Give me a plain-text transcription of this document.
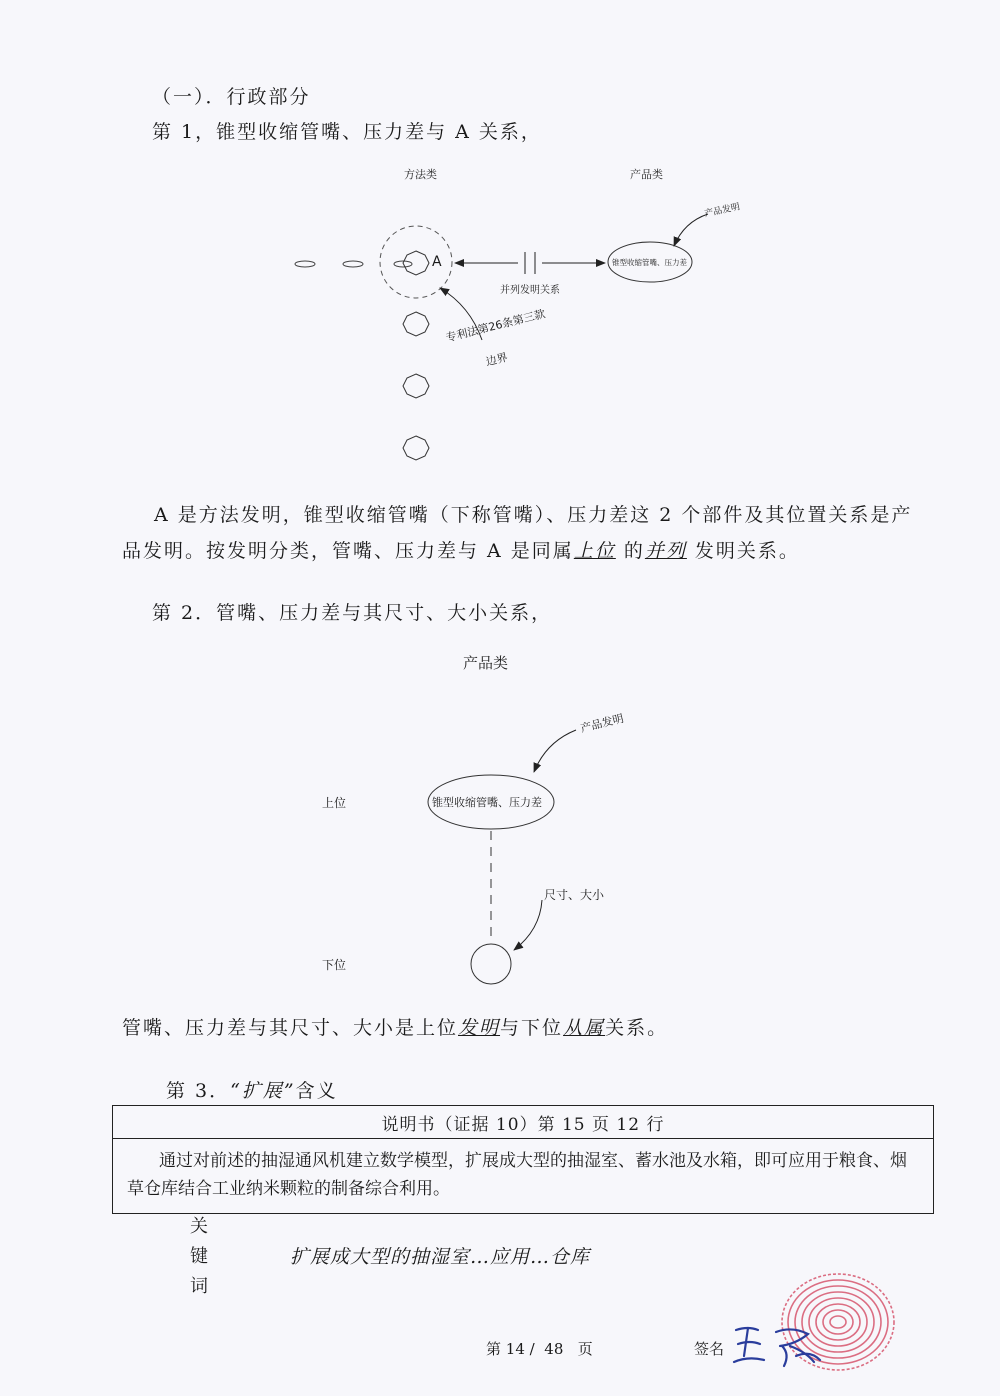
（一）．行政部分
第 1，锥型收缩管嘴、压力差与 A 关系，
方法类	产品类
产品发明
A	锥型收缩管嘴、压力差
并列发明关系
专利法第26条第三款
边界
A 是方法发明，锥型收缩管嘴（下称管嘴）、压力差这 2 个部件及其位置关系是产品发明。按发明分类，管嘴、压力差与 A 是同属上位 的并列 发明关系。
第 2．管嘴、压力差与其尺寸、大小关系，
产品类
产品发明
上位
下位
锥型收缩管嘴、压力差
尺寸、大小
管嘴、压力差与其尺寸、大小是上位发明与下位从属关系。
第 3．“扩展”含义
说明书（证据 10）第 15 页 12 行
通过对前述的抽湿通风机建立数学模型，扩展成大型的抽湿室、蓄水池及水箱，即可应用于粮食、烟草仓库结合工业纳米颗粒的制备综合利用。
关
键
词
扩展成大型的抽湿室…应用…仓库
第 14 / 48 页	签名
